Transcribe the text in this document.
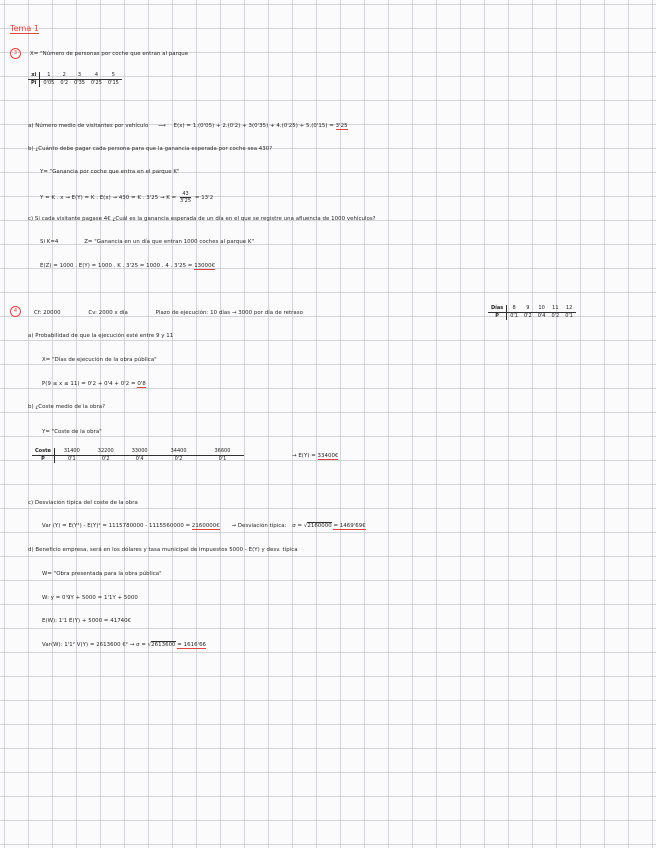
Tema 1
3	X= "Número de personas por coche que entran al parque
xi	1	2	3	4	5
Pi	0'05	0'2	0'35	0'25	0'15
a) Número medio de visitantes por vehículo ⟶ E(x) = 1.(0'05) + 2.(0'2) + 3(0'35) + 4.(0'25) + 5.(0'15) = 3'25
b) ¿Cuánto debe pagar cada persona para que la ganancia esperada por coche sea 430?
Y= "Ganancia por coche que entra en el parque K"
Y = K . x → E(Y) = K . E(x) → 430 = K . $3'25 \to K = \frac{43}{3'25} = 13'2$
c) Si cada visitante pagase 4€ ¿Cuál es la ganancia esperada de un día en el que se registre una afluencia de 1000 vehículos?
Si K=4	Z= "Ganancia en un día que entran 1000 coches al parque K"
E(Z) = 1000 . E(Y) = 1000 . K . 3'25 = 1000 . 4 . 3'25 = 13000€
4	Cf: 20000	Cv: 2000 x día	Plazo de ejecución: 10 días → 3000 por día de retraso
Días	8	9	10	11	12
P	0'1	0'2	0'4	0'2	0'1
a) Probabilidad de que la ejecución esté entre 9 y 11
X= "Días de ejecución de la obra pública"
P(9 ≤ x ≤ 11) = 0'2 + 0'4 + 0'2 = 0'8
b) ¿Coste medio de la obra?
Y= "Coste de la obra"
Coste	31400	32200	33000	34400	36600
P	0'1	0'2	0'4	0'2	0'1	→ E(Y) = 33400€
c) Desviación típica del coste de la obra
Var (Y) = E(Y²) - E(Y)² = 1115780000 - 1115560000 = 2160000€ → Desviación típica: σ = √2160000 = 1469'69€
d) Beneficio empresa, será en los dólares y tasa municipal de impuestos 5000 - E(Y) y desv. típica
W= "Obra presentada para la obra pública"
W: y = 0'9Y + 5000 = 1'1Y + 5000
E(W): 1'1 E(Y) + 5000 = 41740€
Var(W): 1'1² V(Y) = 2613600 €² → σ = √2613600 = 1616'66
